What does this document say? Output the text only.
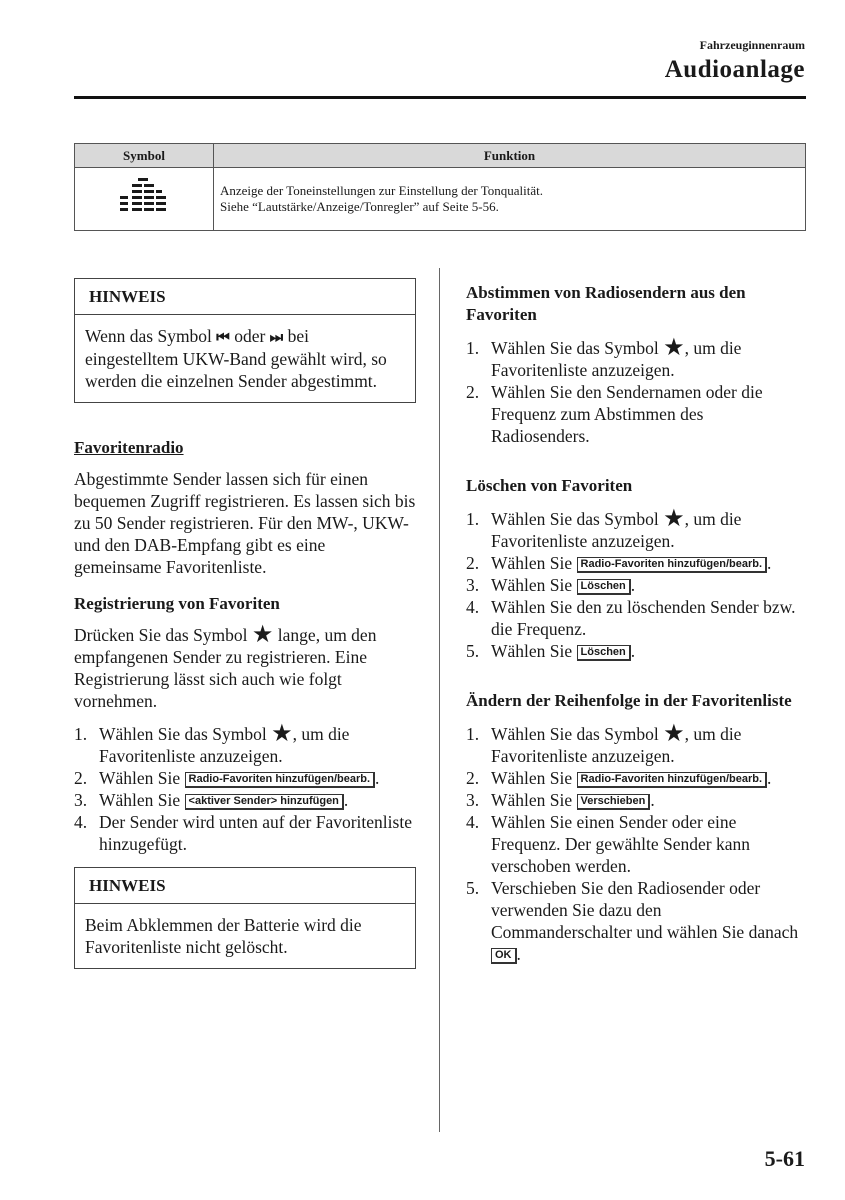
Fahrzeuginnenraum
Audioanlage
Symbol	Funktion

Anzeige der Toneinstellungen zur Einstellung der Tonqualität.
Siehe “Lautstärke/Anzeige/Tonregler” auf Seite 5-56.
HINWEIS
Wenn das Symbol ⏮ oder ⏭ bei eingestelltem UKW-Band gewählt wird, so werden die einzelnen Sender abgestimmt.
Favoritenradio

Abgestimmte Sender lassen sich für einen bequemen Zugriff registrieren. Es lassen sich bis zu 50 Sender registrieren. Für den MW-, UKW- und den DAB-Empfang gibt es eine gemeinsame Favoritenliste.

Registrierung von Favoriten

Drücken Sie das Symbol ★ lange, um den empfangenen Sender zu registrieren. Eine Registrierung lässt sich auch wie folgt vornehmen.

1. Wählen Sie das Symbol ★, um die Favoritenliste anzuzeigen.
2. Wählen Sie Radio-Favoriten hinzufügen/bearb. .
3. Wählen Sie <aktiver Sender> hinzufügen .
4. Der Sender wird unten auf der Favoritenliste hinzugefügt.
HINWEIS
Beim Abklemmen der Batterie wird die Favoritenliste nicht gelöscht.
Abstimmen von Radiosendern aus den Favoriten
1. Wählen Sie das Symbol ★, um die Favoritenliste anzuzeigen.
2. Wählen Sie den Sendernamen oder die Frequenz zum Abstimmen des Radiosenders.
Löschen von Favoriten
1. Wählen Sie das Symbol ★, um die Favoritenliste anzuzeigen.
2. Wählen Sie Radio-Favoriten hinzufügen/bearb. .
3. Wählen Sie Löschen .
4. Wählen Sie den zu löschenden Sender bzw. die Frequenz.
5. Wählen Sie Löschen .
Ändern der Reihenfolge in der Favoritenliste
1. Wählen Sie das Symbol ★, um die Favoritenliste anzuzeigen.
2. Wählen Sie Radio-Favoriten hinzufügen/bearb. .
3. Wählen Sie Verschieben .
4. Wählen Sie einen Sender oder eine Frequenz. Der gewählte Sender kann verschoben werden.
5. Verschieben Sie den Radiosender oder verwenden Sie dazu den Commanderschalter und wählen Sie danach OK .
5-61
